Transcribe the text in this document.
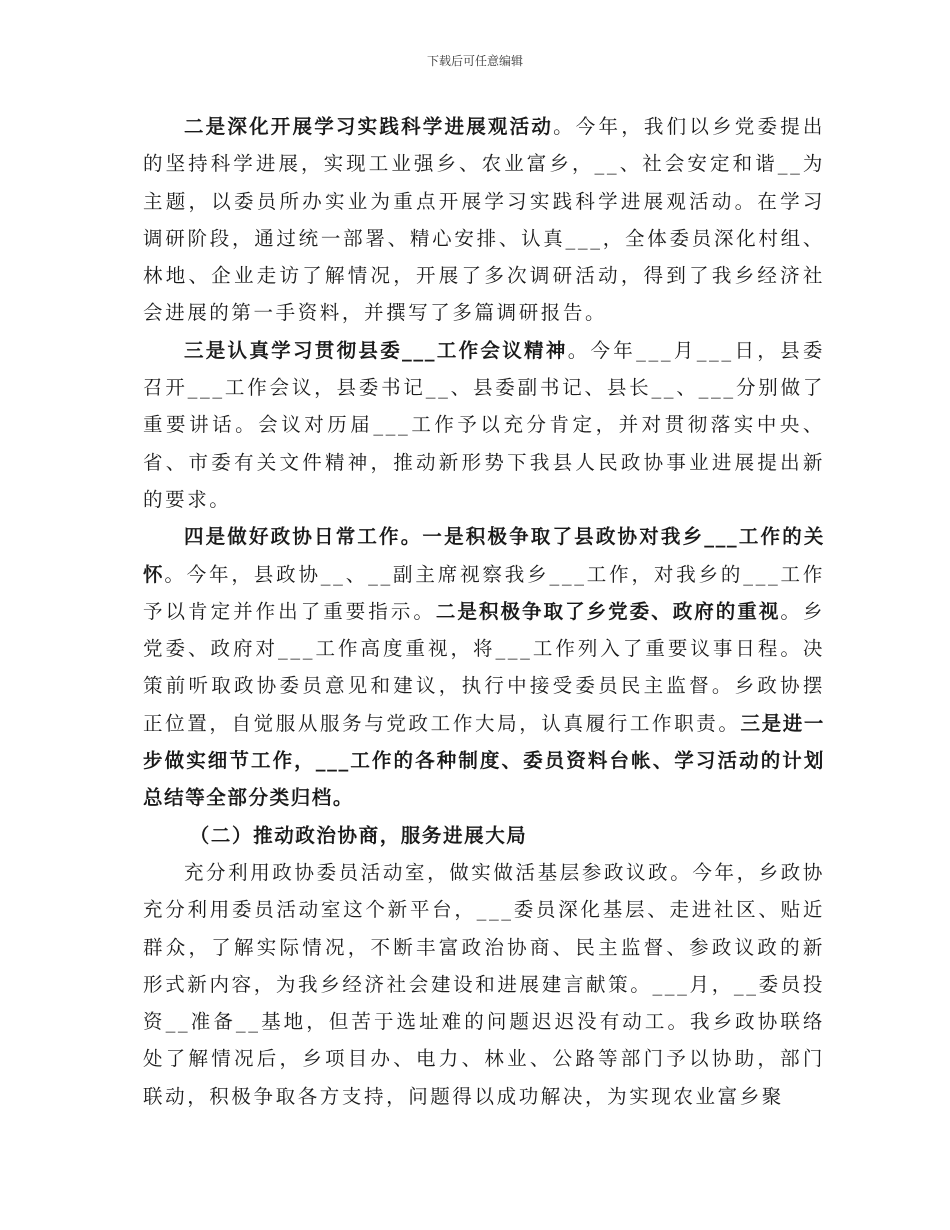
下载后可任意编辑

二是深化开展学习实践科学进展观活动。今年，我们以乡党委提出的坚持科学进展，实现工业强乡、农业富乡，__、社会安定和谐__为主题，以委员所办实业为重点开展学习实践科学进展观活动。在学习调研阶段，通过统一部署、精心安排、认真___，全体委员深化村组、林地、企业走访了解情况，开展了多次调研活动，得到了我乡经济社会进展的第一手资料，并撰写了多篇调研报告。

三是认真学习贯彻县委___工作会议精神。今年___月___日，县委召开___工作会议，县委书记__、县委副书记、县长__、___分别做了重要讲话。会议对历届___工作予以充分肯定，并对贯彻落实中央、省、市委有关文件精神，推动新形势下我县人民政协事业进展提出新的要求。

四是做好政协日常工作。一是积极争取了县政协对我乡___工作的关怀。今年，县政协__、__副主席视察我乡___工作，对我乡的___工作予以肯定并作出了重要指示。二是积极争取了乡党委、政府的重视。乡党委、政府对___工作高度重视，将___工作列入了重要议事日程。决策前听取政协委员意见和建议，执行中接受委员民主监督。乡政协摆正位置，自觉服从服务与党政工作大局，认真履行工作职责。三是进一步做实细节工作，___工作的各种制度、委员资料台帐、学习活动的计划总结等全部分类归档。

（二）推动政治协商，服务进展大局

充分利用政协委员活动室，做实做活基层参政议政。今年，乡政协充分利用委员活动室这个新平台，___委员深化基层、走进社区、贴近群众，了解实际情况，不断丰富政治协商、民主监督、参政议政的新形式新内容，为我乡经济社会建设和进展建言献策。___月，__委员投资__准备__基地，但苦于选址难的问题迟迟没有动工。我乡政协联络处了解情况后，乡项目办、电力、林业、公路等部门予以协助，部门联动，积极争取各方支持，问题得以成功解决，为实现农业富乡聚
